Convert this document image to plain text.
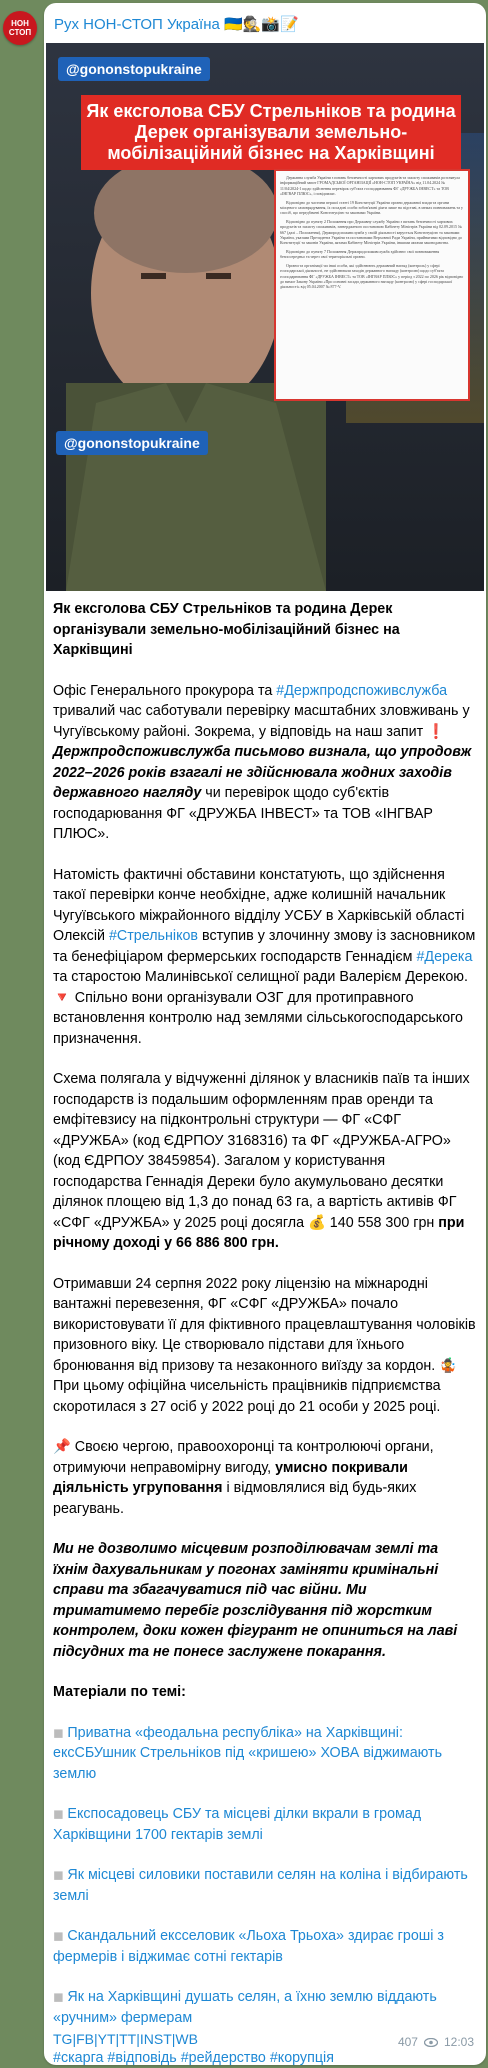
НОН
СТОП Рух НОН-СТОП Україна 🇺🇦🕵️📸📝
@gononstopukraine
Як ексголова СБУ Стрельніков та родина Дерек організували земельно-мобілізаційний бізнес на Харківщині

Державна служба України з питань безпечності харчових продуктів та захисту споживачів розглянула інформаційний запит ГРОМАДСЬКОЇ ОРГАНІЗАЦІЇ «НОН-СТОП УКРАЇНА» від 11.04.2024 № 11/04/2024-1 щодо здійснення перевірок суб'єкта господарювання ФГ «ДРУЖБА ІНВЕСТ» та ТОВ «ІНГВАР ПЛЮС», і повідомляє.

Відповідно до частини першої статті 19 Конституції України органи державної влади та органи місцевого самоврядування, їх посадові особи зобов'язані діяти лише на підставі, в межах повноважень та у спосіб, що передбачені Конституцією та законами України.

Відповідно до пункту 2 Положення про Державну службу України з питань безпечності харчових продуктів та захисту споживачів, затвердженого постановою Кабінету Міністрів України від 02.09.2015 № 667 (далі – Положення), Держпродспоживслужба у своїй діяльності керується Конституцією та законами України, указами Президента України та постановами Верховної Ради України, прийнятими відповідно до Конституції та законів України, актами Кабінету Міністрів України, іншими актами законодавства.

Відповідно до пункту 7 Положення Держпродспоживслужба здійснює свої повноваження безпосередньо та через свої територіальні органи.

Органи та організації чи інші особи, які здійснюють державний нагляд (контроль) у сфері господарської діяльності, не здійснювали заходів державного нагляду (контролю) щодо суб'єкта господарювання ФГ «ДРУЖБА ІНВЕСТ» та ТОВ «ІНГВАР ПЛЮС» у період з 2022 по 2026 рік відповідно до вимог Закону України «Про основні засади державного нагляду (контролю) у сфері господарської діяльності» від 05.04.2007 № 877-V.

@gononstopukraine

Як ексголова СБУ Стрельніков та родина Дерек організували земельно-мобілізаційний бізнес на Харківщині

Офіс Генерального прокурора та #Держпродспоживслужба тривалий час саботували перевірку масштабних зловживань у Чугуївському районі. Зокрема, у відповідь на наш запит ❗ Держпродспоживслужба письмово визнала, що упродовж 2022–2026 років взагалі не здійснювала жодних заходів державного нагляду чи перевірок щодо суб'єктів господарювання ФГ «ДРУЖБА ІНВЕСТ» та ТОВ «ІНГВАР ПЛЮС».

Натомість фактичні обставини констатують, що здійснення такої перевірки конче необхідне, адже колишній начальник Чугуївського міжрайонного відділу УСБУ в Харківській області Олексій #Стрельніков вступив у злочинну змову із засновником та бенефіціаром фермерських господарств Геннадієм #Дерека та старостою Малинівської селищної ради Валерієм Дерекою. 🔻 Спільно вони організували ОЗГ для протиправного встановлення контролю над землями сільськогосподарського призначення.

Схема полягала у відчуженні ділянок у власників паїв та інших господарств із подальшим оформленням прав оренди та емфітевзису на підконтрольні структури — ФГ «СФГ «ДРУЖБА» (код ЄДРПОУ 3168316) та ФГ «ДРУЖБА-АГРО» (код ЄДРПОУ 38459854). Загалом у користування господарства Геннадія Дереки було акумульовано десятки ділянок площею від 1,3 до понад 63 га, а вартість активів ФГ «СФГ «ДРУЖБА» у 2025 році досягла 💰 140 558 300 грн при річному доході у 66 886 800 грн.

Отримавши 24 серпня 2022 року ліцензію на міжнародні вантажні перевезення, ФГ «СФГ «ДРУЖБА» почало використовувати її для фіктивного працевлаштування чоловіків призовного віку. Це створювало підстави для їхнього бронювання від призову та незаконного виїзду за кордон. 🤹 При цьому офіційна чисельність працівників підприємства скоротилася з 27 осіб у 2022 році до 21 особи у 2025 році.

📌 Своєю чергою, правоохоронці та контролюючі органи, отримуючи неправомірну вигоду, умисно покривали діяльність угруповання і відмовлялися від будь-яких реагувань.

Ми не дозволимо місцевим розподілювачам землі та їхнім дахувальникам у погонах заміняти кримінальні справи та збагачуватися під час війни. Ми триматимемо перебіг розслідування під жорстким контролем, доки кожен фігурант не опиниться на лаві підсудних та не понесе заслужене покарання.

Матеріали по темі:

◼ Приватна «феодальна республіка» на Харківщині: ексСБУшник Стрельніков під «кришею» ХОВА віджимають землю

◼ Експосадовець СБУ та місцеві ділки вкрали в громад Харківщини 1700 гектарів землі

◼ Як місцеві силовики поставили селян на коліна і відбирають землі

◼ Скандальний ексселовик «Льоха Трьоха» здирає гроші з фермерів і віджимає сотні гектарів

◼ Як на Харківщині душать селян, а їхню землю віддають «ручним» фермерам

#скарга #відповідь #рейдерство #корупція

TG|FB|YT|TT|INST|WB	407 12:03
